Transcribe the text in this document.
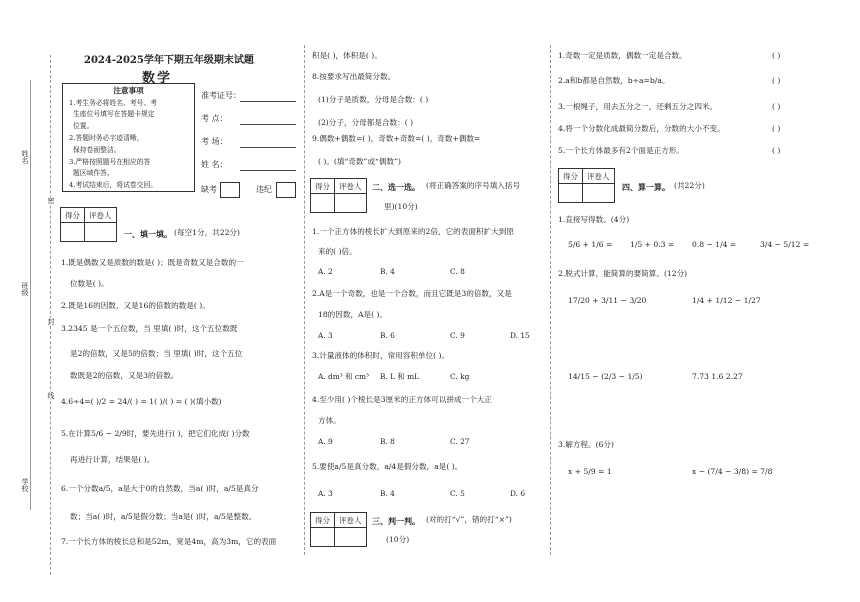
姓名
班级
学校
密
封
线
2024-2025学年下期五年级期末试题
数学
注意事项
1.考生务必将姓名、考号、考
生座位号填写在答题卡规定
位置。
2.答题时务必字迹清晰，
保持卷面整洁。
3.严格按照题号在相应的答
题区域作答。
4.考试结束后，将试卷交回。
准考证号：
考 点：
考 场：
姓 名：
缺考	违纪
得分	评卷人

一、填一填。 (每空1分，共22分)
1.既是偶数又是质数的数是( )；既是奇数又是合数的一
位数是( )。
2.既是16的因数，又是16的倍数的数是( )。
3.2345 是一个五位数，当 里填( )时，这个五位数既
是2的倍数，又是5的倍数；当 里填( )时，这个五位
数既是2的倍数，又是3的倍数。
4.6÷4=( )/2 = 24/( ) = 1( )/( ) = ( )(填小数)
5.在计算5/6 − 2/9时，要先进行( )，把它们化成( )分数
再进行计算，结果是( )。
6.一个分数a/5，a是大于0的自然数，当a( )时，a/5是真分
数；当a( )时，a/5是假分数；当a是( )时，a/5是整数。
7.一个长方体的棱长总和是52m，宽是4m，高为3m，它的表面
积是( )，体积是( )。
8.按要求写出最简分数。
(1)分子是质数，分母是合数：( )
(2)分子，分母都是合数：( )
9.偶数+偶数=( )，奇数+奇数=( )，奇数+偶数=
( )。(填“奇数”或“偶数”)
得分	评卷人
	二、选一选。 (将正确答案的序号填入括号
里)(10分)
1.一个正方体的棱长扩大到原来的2倍，它的表面积扩大到原
来的( )倍。
A. 2	B. 4	C. 8
2.A是一个奇数，也是一个合数，而且它既是3的倍数，又是
18的因数，A是( )。
A. 3	B. 6	C. 9	D. 15
3.计量液体的体积时，常用容积单位( )。
A. dm³ 和 cm³ B. L 和 mL	C. kg
4.至少用( )个棱长是3厘米的正方体可以拼成一个大正
方体。
A. 9	B. 8	C. 27
5.要使a/5是真分数，a/4是假分数，a是( )。
A. 3	B. 4	C. 5	D. 6
得分	评卷人
	三、判一判。 (对的打“√”，错的打“×”)
(10分)
1.奇数一定是质数，偶数一定是合数。	( )
2.a和b都是自然数，b÷a=b/a。	( )
3.一根绳子，用去五分之一，还剩五分之四米。	( )
4.将一个分数化成最简分数后，分数的大小不变。	( )
5.一个长方体最多有2个面是正方形。	( )
得分	评卷人

四、算一算。 (共22分)
1.直接写得数。(4分)
5/6 + 1/6 = 1/5 + 0.3 = 0.8 − 1/4 =	3/4 − 5/12 =
2.脱式计算，能简算的要简算。(12分)
17/20 + 3/11 − 3/20	1/4 + 1/12 − 1/27
14/15 − (2/3 − 1/5)	7.73 1.6 2.27
3.解方程。(6分)
x + 5/9 = 1	x − (7/4 − 3/8) = 7/8
